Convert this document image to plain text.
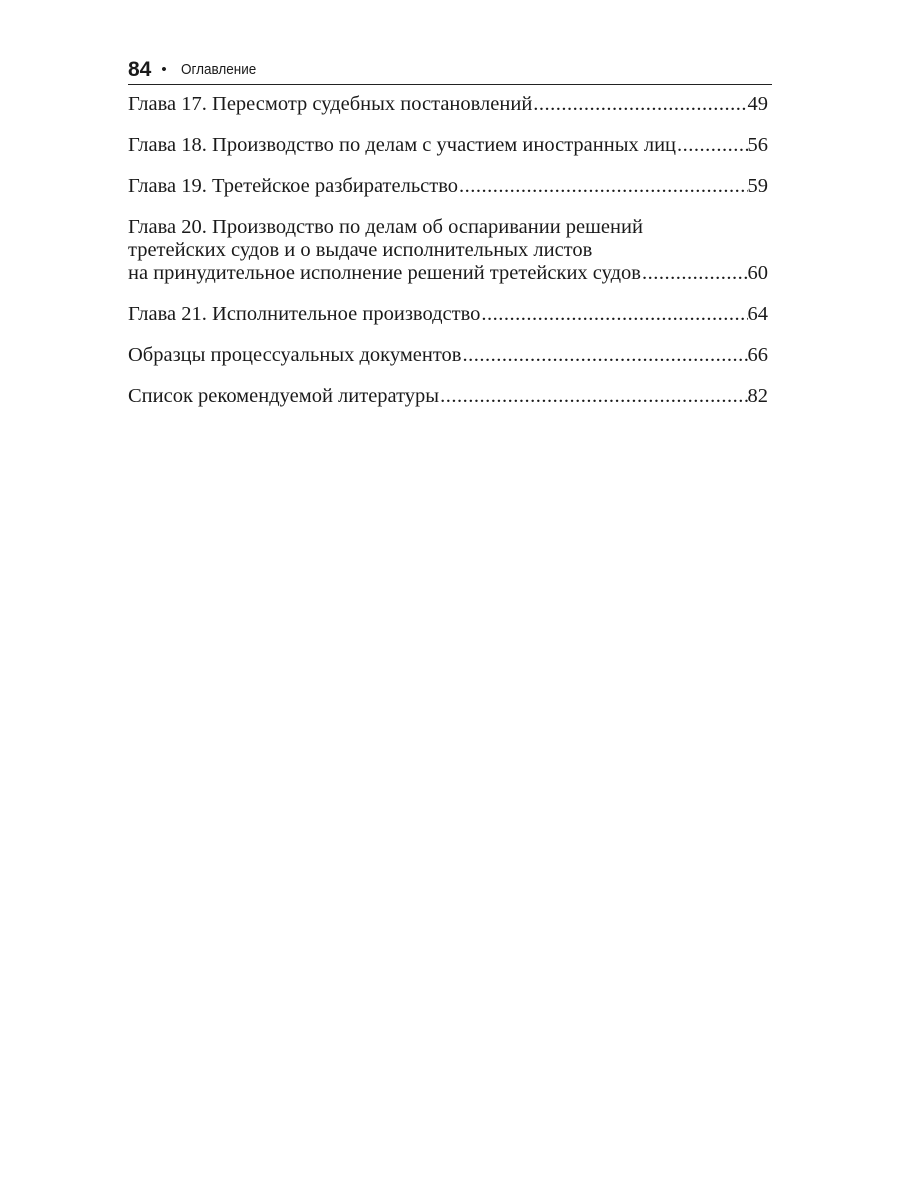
84 • Оглавление
Глава 17. Пересмотр судебных постановлений .....	49
Глава 18. Производство по делам с участием иностранных лиц .....	56
Глава 19. Третейское разбирательство .....	59
Глава 20. Производство по делам об оспаривании решений
третейских судов и о выдаче исполнительных листов
на принудительное исполнение решений третейских судов .....	60
Глава 21. Исполнительное производство .....	64
Образцы процессуальных документов .....	66
Список рекомендуемой литературы .....	82
